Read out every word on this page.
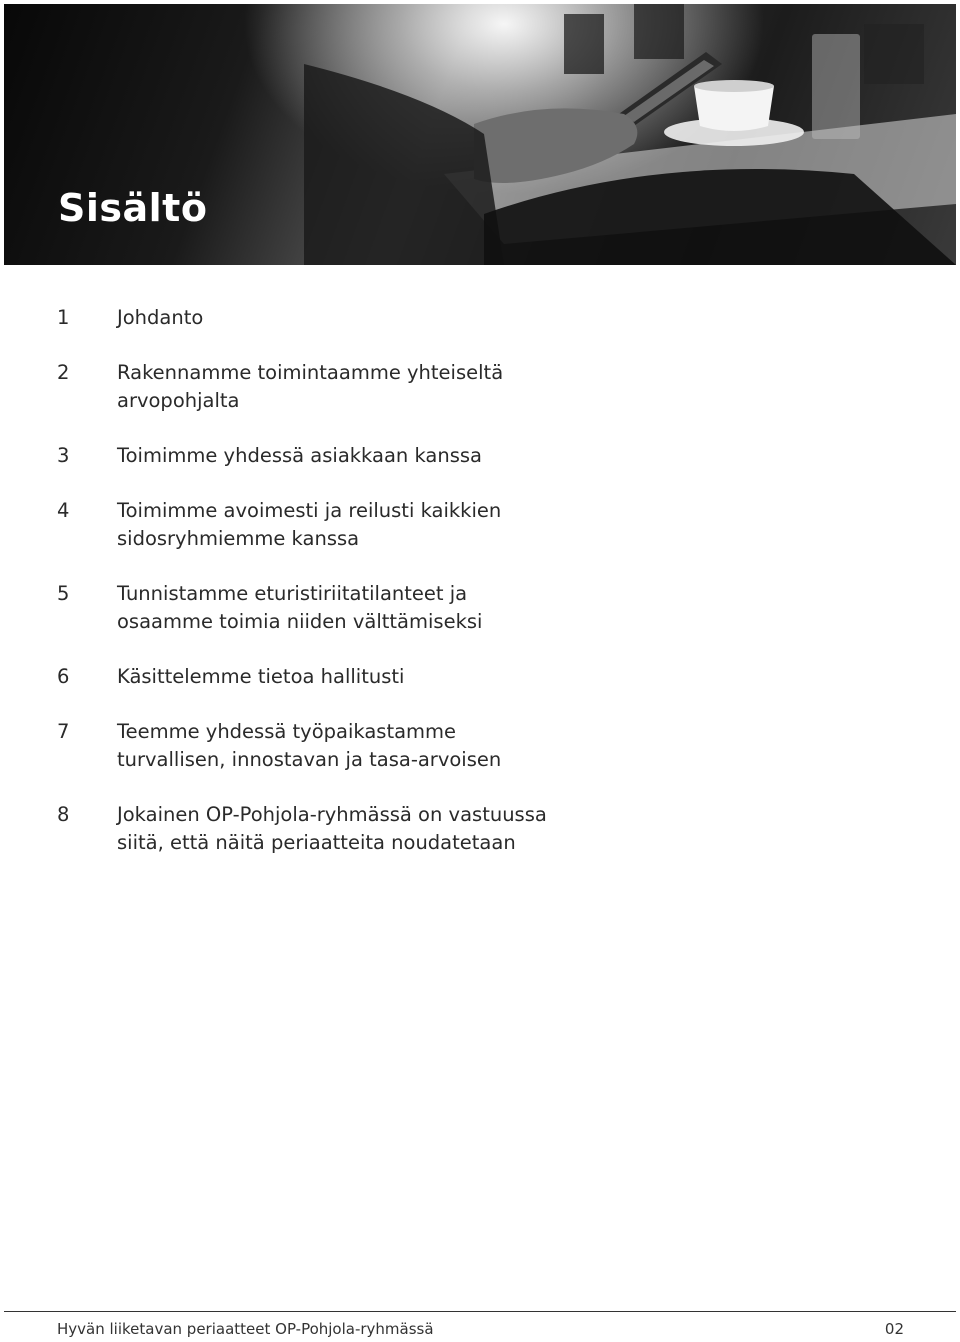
Sisältö
1	Johdanto
2	Rakennamme toimintaamme yhteiseltä arvopohjalta
3	Toimimme yhdessä asiakkaan kanssa
4	Toimimme avoimesti ja reilusti kaikkien sidosryhmiemme kanssa
5	Tunnistamme eturistiriitatilanteet ja osaamme toimia niiden välttämiseksi
6	Käsittelemme tietoa hallitusti
7	Teemme yhdessä työpaikastamme turvallisen, innostavan ja tasa-arvoisen
8	Jokainen OP-Pohjola-ryhmässä on vastuussa siitä, että näitä periaatteita noudatetaan
Hyvän liiketavan periaatteet OP-Pohjola-ryhmässä	02
